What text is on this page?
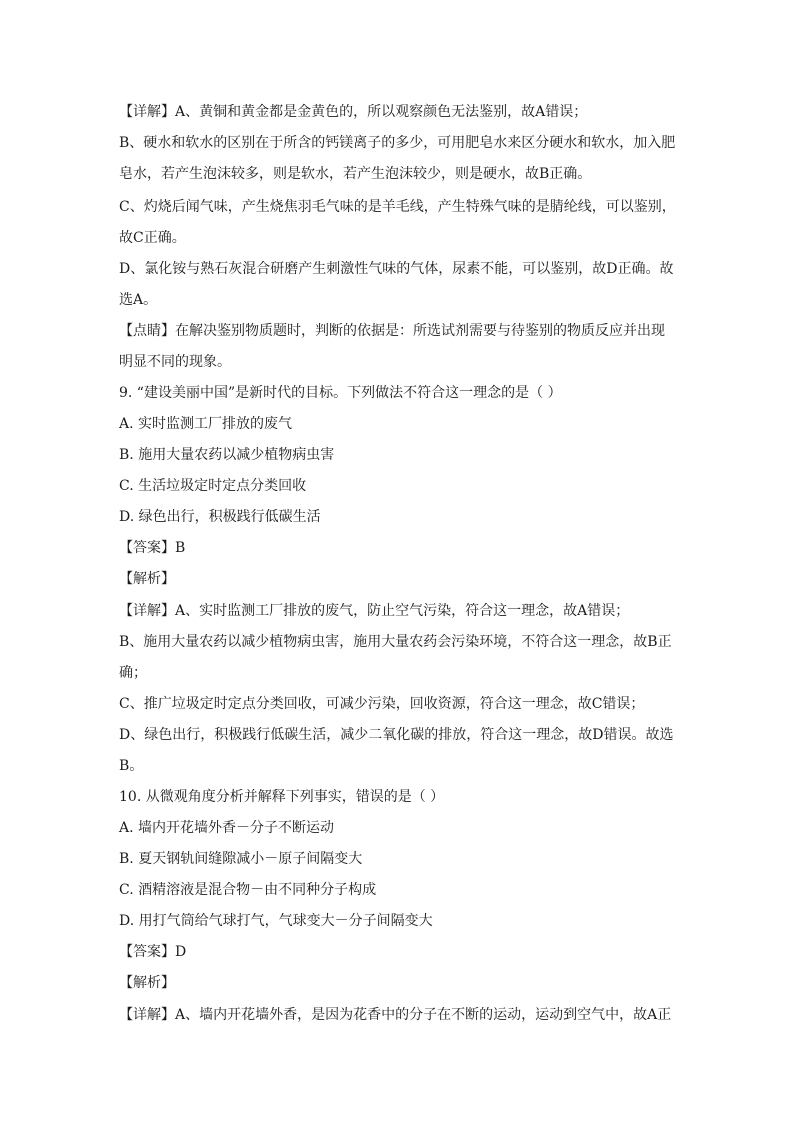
【详解】A、黄铜和黄金都是金黄色的，所以观察颜色无法鉴别，故A错误；
B、硬水和软水的区别在于所含的钙镁离子的多少，可用肥皂水来区分硬水和软水，加入肥
皂水，若产生泡沫较多，则是软水，若产生泡沫较少，则是硬水，故B正确。
C、灼烧后闻气味，产生烧焦羽毛气味的是羊毛线，产生特殊气味的是腈纶线，可以鉴别，
故C正确。
D、氯化铵与熟石灰混合研磨产生刺激性气味的气体，尿素不能，可以鉴别，故D正确。故
选A。
【点睛】在解决鉴别物质题时，判断的依据是：所选试剂需要与待鉴别的物质反应并出现
明显不同的现象。
9. “建设美丽中国”是新时代的目标。下列做法不符合这一理念的是（ ）
A. 实时监测工厂排放的废气
B. 施用大量农药以减少植物病虫害
C. 生活垃圾定时定点分类回收
D. 绿色出行，积极践行低碳生活
【答案】B
【解析】
【详解】A、实时监测工厂排放的废气，防止空气污染，符合这一理念，故A错误；
B、施用大量农药以减少植物病虫害，施用大量农药会污染环境，不符合这一理念，故B正
确；
C、推广垃圾定时定点分类回收，可减少污染，回收资源，符合这一理念，故C错误；
D、绿色出行，积极践行低碳生活，减少二氧化碳的排放，符合这一理念，故D错误。故选
B。
10. 从微观角度分析并解释下列事实，错误的是（ ）
A. 墙内开花墙外香－分子不断运动
B. 夏天钢轨间缝隙减小－原子间隔变大
C. 酒精溶液是混合物－由不同种分子构成
D. 用打气筒给气球打气，气球变大－分子间隔变大
【答案】D
【解析】
【详解】A、墙内开花墙外香，是因为花香中的分子在不断的运动，运动到空气中，故A正
